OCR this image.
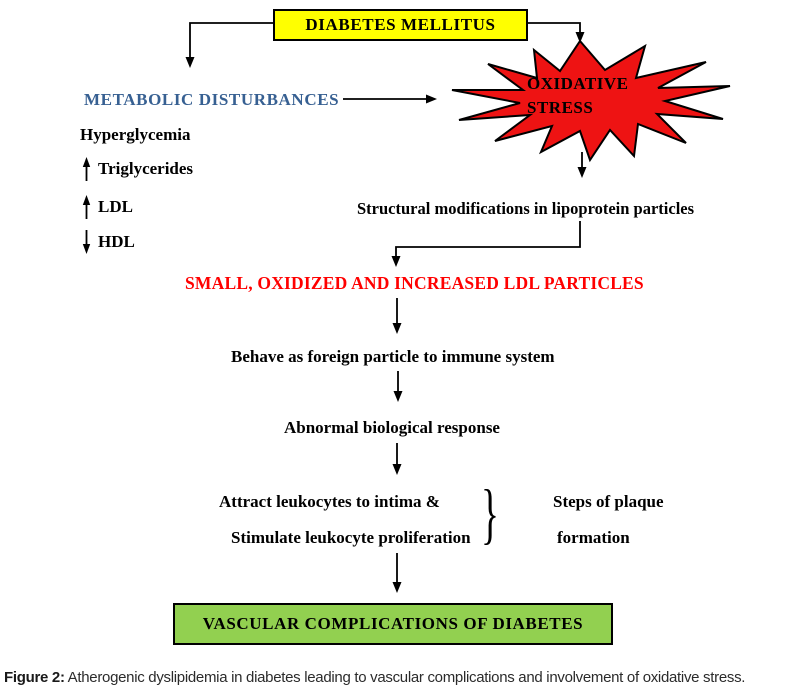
DIABETES MELLITUS
METABOLIC DISTURBANCES
Hyperglycemia
Triglycerides
LDL
HDL
OXIDATIVE
STRESS
Structural modifications in lipoprotein particles
SMALL, OXIDIZED AND INCREASED LDL PARTICLES
Behave as foreign particle to immune system
Abnormal biological response
Attract leukocytes to intima &
Stimulate leukocyte proliferation }	Steps of plaque
formation
VASCULAR COMPLICATIONS OF DIABETES
Figure 2: Atherogenic dyslipidemia in diabetes leading to vascular complications and involvement of oxidative stress.
